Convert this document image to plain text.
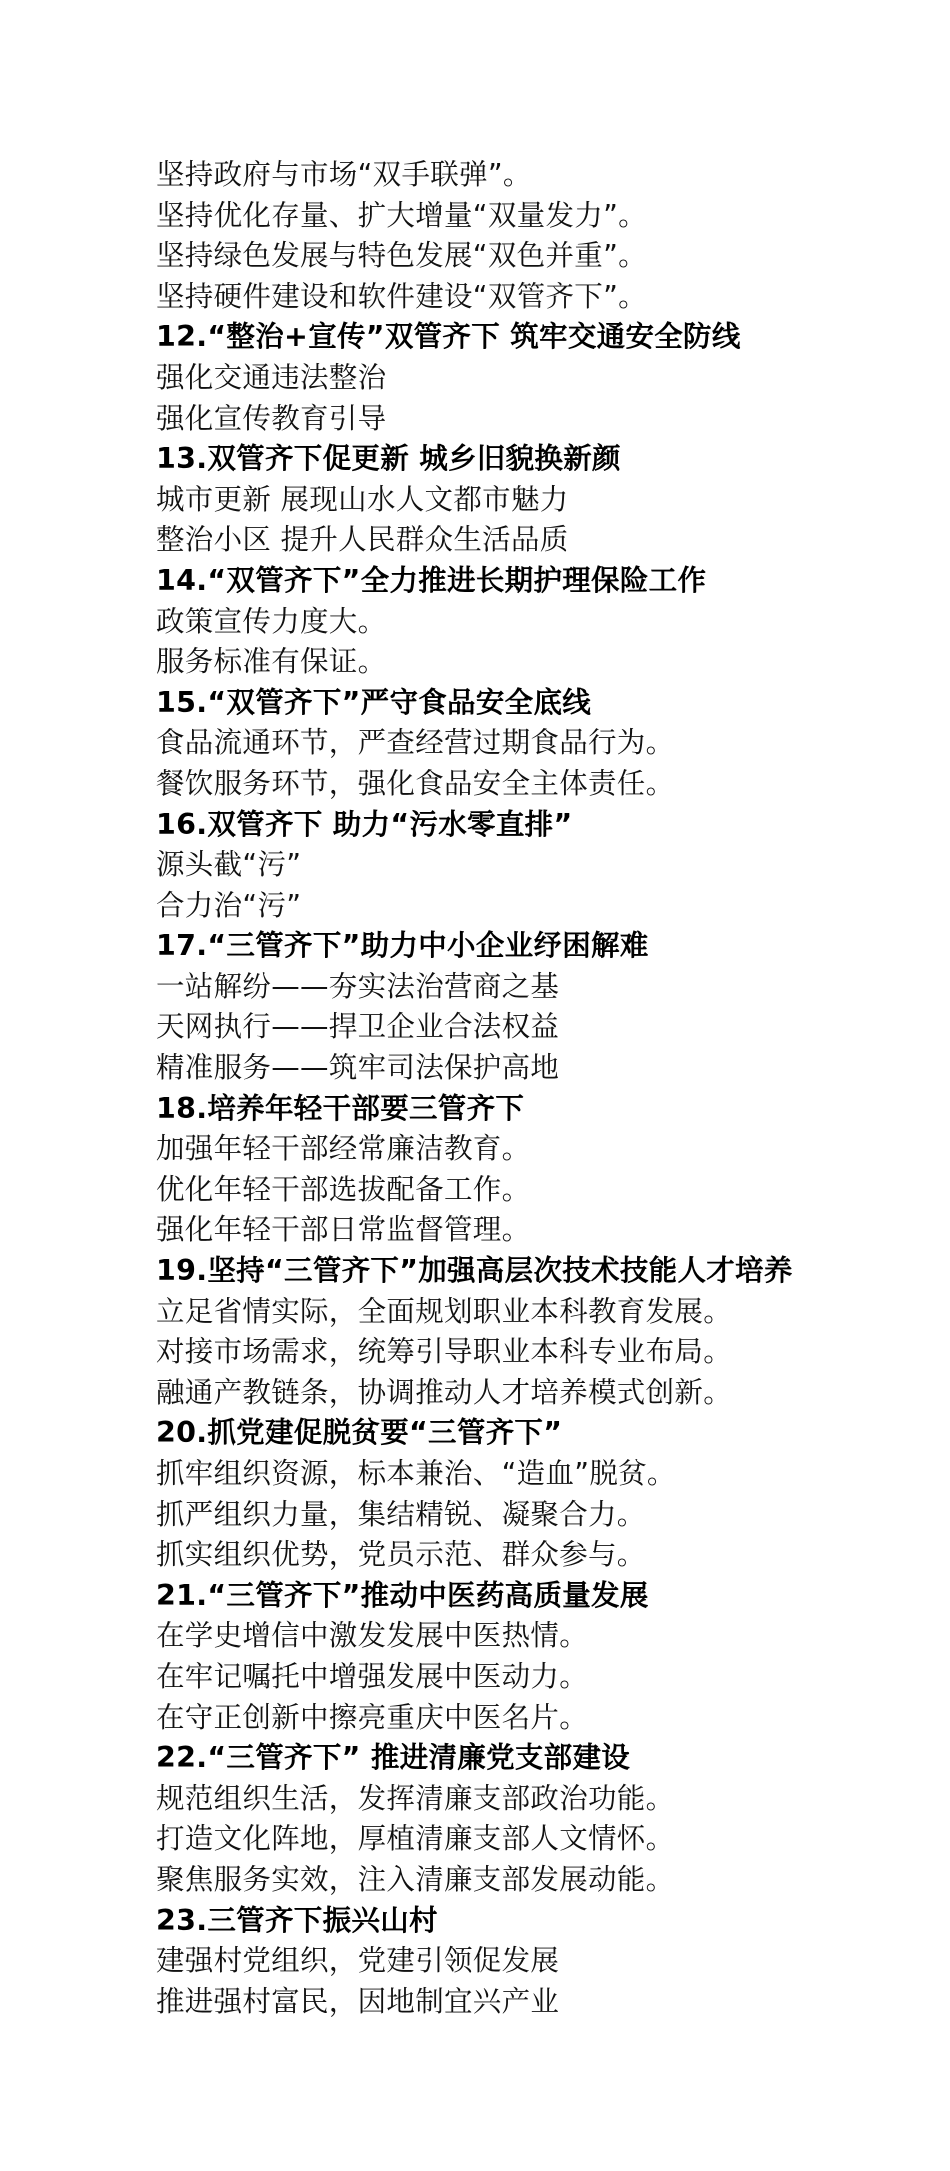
坚持政府与市场“双手联弹”。
坚持优化存量、扩大增量“双量发力”。
坚持绿色发展与特色发展“双色并重”。
坚持硬件建设和软件建设“双管齐下”。
12.“整治+宣传”双管齐下 筑牢交通安全防线
强化交通违法整治
强化宣传教育引导
13.双管齐下促更新 城乡旧貌换新颜
城市更新 展现山水人文都市魅力
整治小区 提升人民群众生活品质
14.“双管齐下”全力推进长期护理保险工作
政策宣传力度大。
服务标准有保证。
15.“双管齐下”严守食品安全底线
食品流通环节，严查经营过期食品行为。
餐饮服务环节，强化食品安全主体责任。
16.双管齐下 助力“污水零直排”
源头截“污”
合力治“污”
17.“三管齐下”助力中小企业纾困解难
一站解纷——夯实法治营商之基
天网执行——捍卫企业合法权益
精准服务——筑牢司法保护高地
18.培养年轻干部要三管齐下
加强年轻干部经常廉洁教育。
优化年轻干部选拔配备工作。
强化年轻干部日常监督管理。
19.坚持“三管齐下”加强高层次技术技能人才培养
立足省情实际，全面规划职业本科教育发展。
对接市场需求，统筹引导职业本科专业布局。
融通产教链条，协调推动人才培养模式创新。
20.抓党建促脱贫要“三管齐下”
抓牢组织资源，标本兼治、“造血”脱贫。
抓严组织力量，集结精锐、凝聚合力。
抓实组织优势，党员示范、群众参与。
21.“三管齐下”推动中医药高质量发展
在学史增信中激发发展中医热情。
在牢记嘱托中增强发展中医动力。
在守正创新中擦亮重庆中医名片。
22.“三管齐下” 推进清廉党支部建设
规范组织生活，发挥清廉支部政治功能。
打造文化阵地，厚植清廉支部人文情怀。
聚焦服务实效，注入清廉支部发展动能。
23.三管齐下振兴山村
建强村党组织，党建引领促发展
推进强村富民，因地制宜兴产业
